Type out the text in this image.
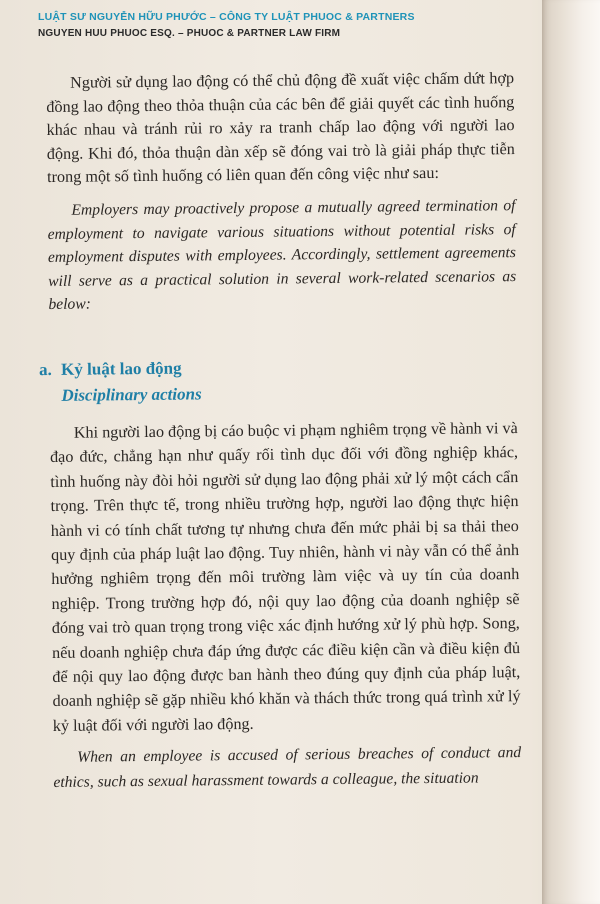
LUẬT SƯ NGUYỄN HỮU PHƯỚC – CÔNG TY LUẬT PHUOC & PARTNERS
NGUYEN HUU PHUOC ESQ. – PHUOC & PARTNER LAW FIRM

Người sử dụng lao động có thể chủ động đề xuất việc chấm dứt hợp đồng lao động theo thỏa thuận của các bên để giải quyết các tình huống khác nhau và tránh rủi ro xảy ra tranh chấp lao động với người lao động. Khi đó, thỏa thuận dàn xếp sẽ đóng vai trò là giải pháp thực tiễn trong một số tình huống có liên quan đến công việc như sau:

Employers may proactively propose a mutually agreed termination of employment to navigate various situations without potential risks of employment disputes with employees. Accordingly, settlement agreements will serve as a practical solution in several work-related scenarios as below:

a. Kỷ luật lao động
Disciplinary actions

Khi người lao động bị cáo buộc vi phạm nghiêm trọng về hành vi và đạo đức, chẳng hạn như quấy rối tình dục đối với đồng nghiệp khác, tình huống này đòi hỏi người sử dụng lao động phải xử lý một cách cẩn trọng. Trên thực tế, trong nhiều trường hợp, người lao động thực hiện hành vi có tính chất tương tự nhưng chưa đến mức phải bị sa thải theo quy định của pháp luật lao động. Tuy nhiên, hành vi này vẫn có thể ảnh hưởng nghiêm trọng đến môi trường làm việc và uy tín của doanh nghiệp. Trong trường hợp đó, nội quy lao động của doanh nghiệp sẽ đóng vai trò quan trọng trong việc xác định hướng xử lý phù hợp. Song, nếu doanh nghiệp chưa đáp ứng được các điều kiện cần và điều kiện đủ để nội quy lao động được ban hành theo đúng quy định của pháp luật, doanh nghiệp sẽ gặp nhiều khó khăn và thách thức trong quá trình xử lý kỷ luật đối với người lao động.

When an employee is accused of serious breaches of conduct and ethics, such as sexual harassment towards a colleague, the situation
